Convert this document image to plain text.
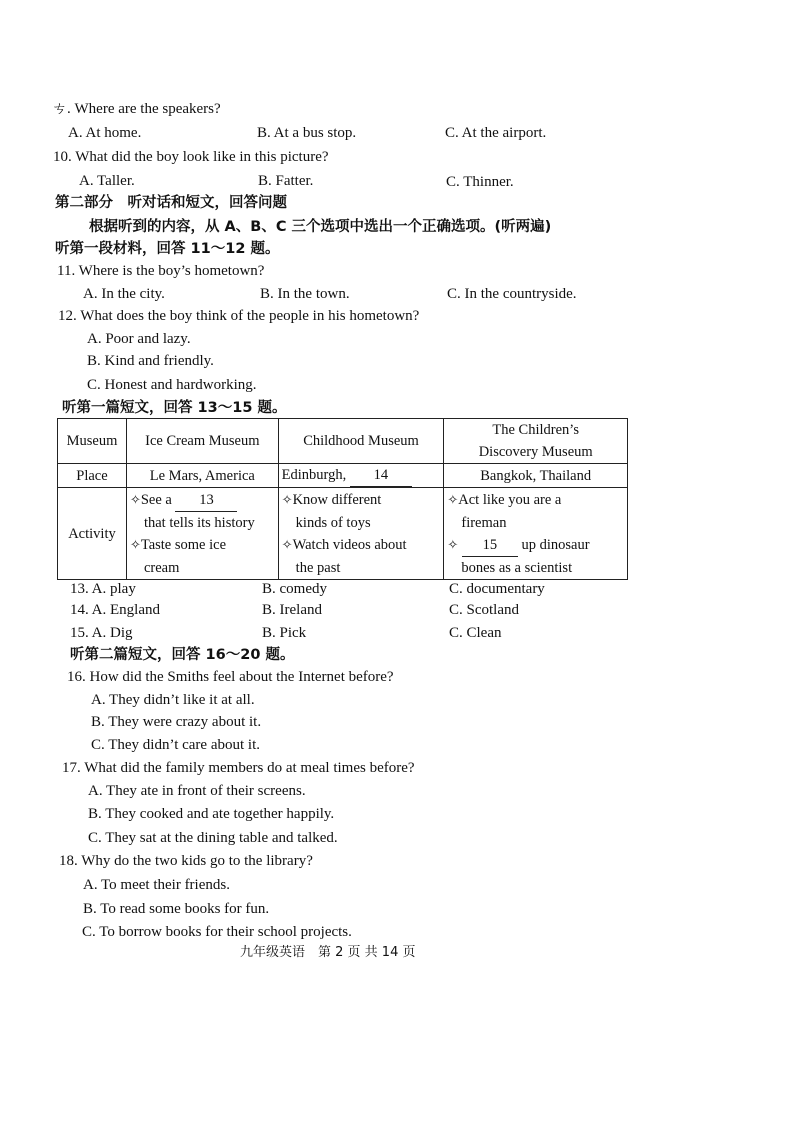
ㄘ. Where are the speakers?
A. At home.	B. At a bus stop.	C. At the airport.
10. What did the boy look like in this picture?
A. Taller.	B. Fatter.	C. Thinner.
第二部分　听对话和短文，回答问题
根据听到的内容，从 A、B、C 三个选项中选出一个正确选项。(听两遍)
听第一段材料，回答 11～12 题。
11. Where is the boy’s hometown?
A. In the city.	B. In the town.	C. In the countryside.
12. What does the boy think of the people in his hometown?
A. Poor and lazy.
B. Kind and friendly.
C. Honest and hardworking.
听第一篇短文，回答 13～15 题。
Museum	Ice Cream Museum	Childhood Museum	The Children’s
Discovery Museum

Place	Le Mars, America	Edinburgh, 14	Bangkok, Thailand
Activity	✧See a 13
that tells its history
✧Taste some ice
cream	✧Know different
kinds of toys
✧Watch videos about
the past	✧Act like you are a
fireman
✧ 15 up dinosaur
bones as a scientist
13. A. play	B. comedy	C. documentary
14. A. England	B. Ireland	C. Scotland
15. A. Dig	B. Pick	C. Clean
听第二篇短文，回答 16～20 题。
16. How did the Smiths feel about the Internet before?
A. They didn’t like it at all.
B. They were crazy about it.
C. They didn’t care about it.
17. What did the family members do at meal times before?
A. They ate in front of their screens.
B. They cooked and ate together happily.
C. They sat at the dining table and talked.
18. Why do the two kids go to the library?
A. To meet their friends.
B. To read some books for fun.
C. To borrow books for their school projects.
九年级英语　第 2 页 共 14 页
